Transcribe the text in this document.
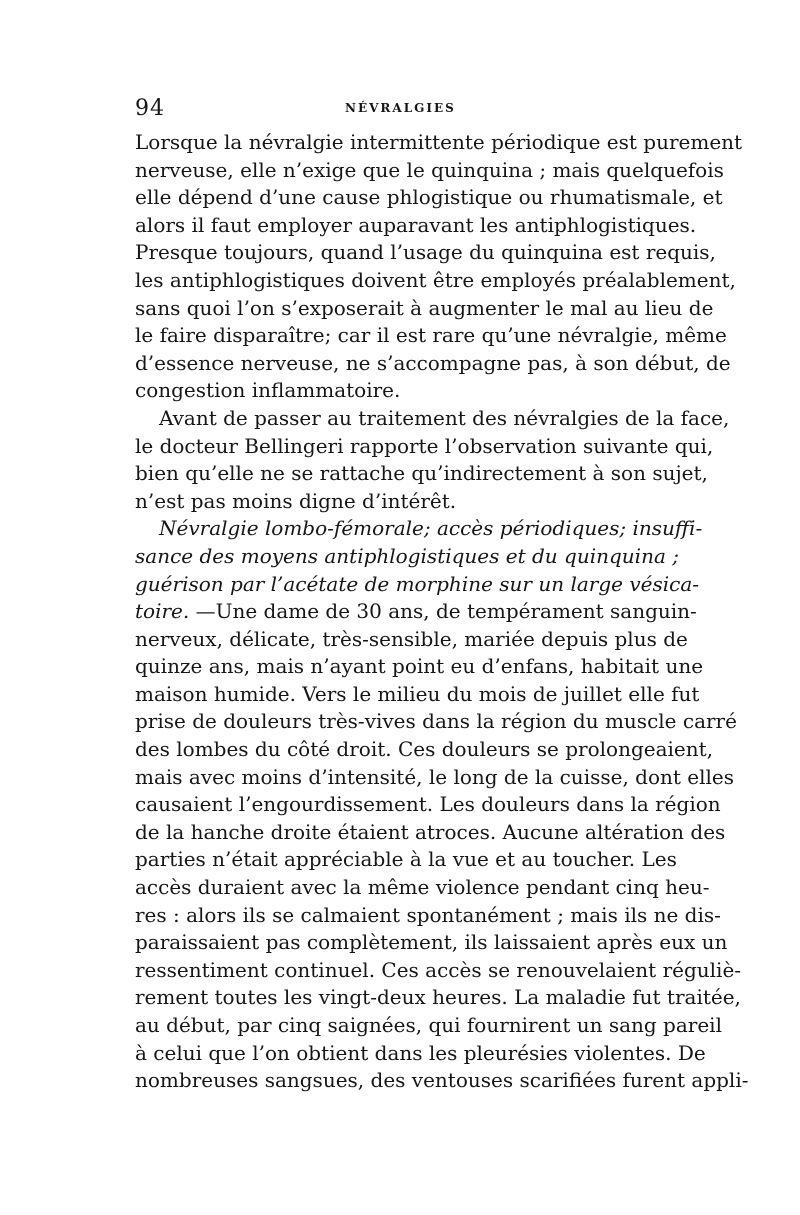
94	NÉVRALGIES
Lorsque la névralgie intermittente périodique est purement
nerveuse, elle n’exige que le quinquina ; mais quelquefois
elle dépend d’une cause phlogistique ou rhumatismale, et
alors il faut employer auparavant les antiphlogistiques.
Presque toujours, quand l’usage du quinquina est requis,
les antiphlogistiques doivent être employés préalablement,
sans quoi l’on s’exposerait à augmenter le mal au lieu de
le faire disparaître; car il est rare qu’une névralgie, même
d’essence nerveuse, ne s’accompagne pas, à son début, de
congestion inflammatoire.
Avant de passer au traitement des névralgies de la face,
le docteur Bellingeri rapporte l’observation suivante qui,
bien qu’elle ne se rattache qu’indirectement à son sujet,
n’est pas moins digne d’intérêt.
Névralgie lombo-fémorale; accès périodiques; insuffi-
sance des moyens antiphlogistiques et du quinquina ;
guérison par l’acétate de morphine sur un large vésica-
toire. —Une dame de 30 ans, de tempérament sanguin-
nerveux, délicate, très-sensible, mariée depuis plus de
quinze ans, mais n’ayant point eu d’enfans, habitait une
maison humide. Vers le milieu du mois de juillet elle fut
prise de douleurs très-vives dans la région du muscle carré
des lombes du côté droit. Ces douleurs se prolongeaient,
mais avec moins d’intensité, le long de la cuisse, dont elles
causaient l’engourdissement. Les douleurs dans la région
de la hanche droite étaient atroces. Aucune altération des
parties n’était appréciable à la vue et au toucher. Les
accès duraient avec la même violence pendant cinq heu-
res : alors ils se calmaient spontanément ; mais ils ne dis-
paraissaient pas complètement, ils laissaient après eux un
ressentiment continuel. Ces accès se renouvelaient réguliè-
rement toutes les vingt-deux heures. La maladie fut traitée,
au début, par cinq saignées, qui fournirent un sang pareil
à celui que l’on obtient dans les pleurésies violentes. De
nombreuses sangsues, des ventouses scarifiées furent appli-
